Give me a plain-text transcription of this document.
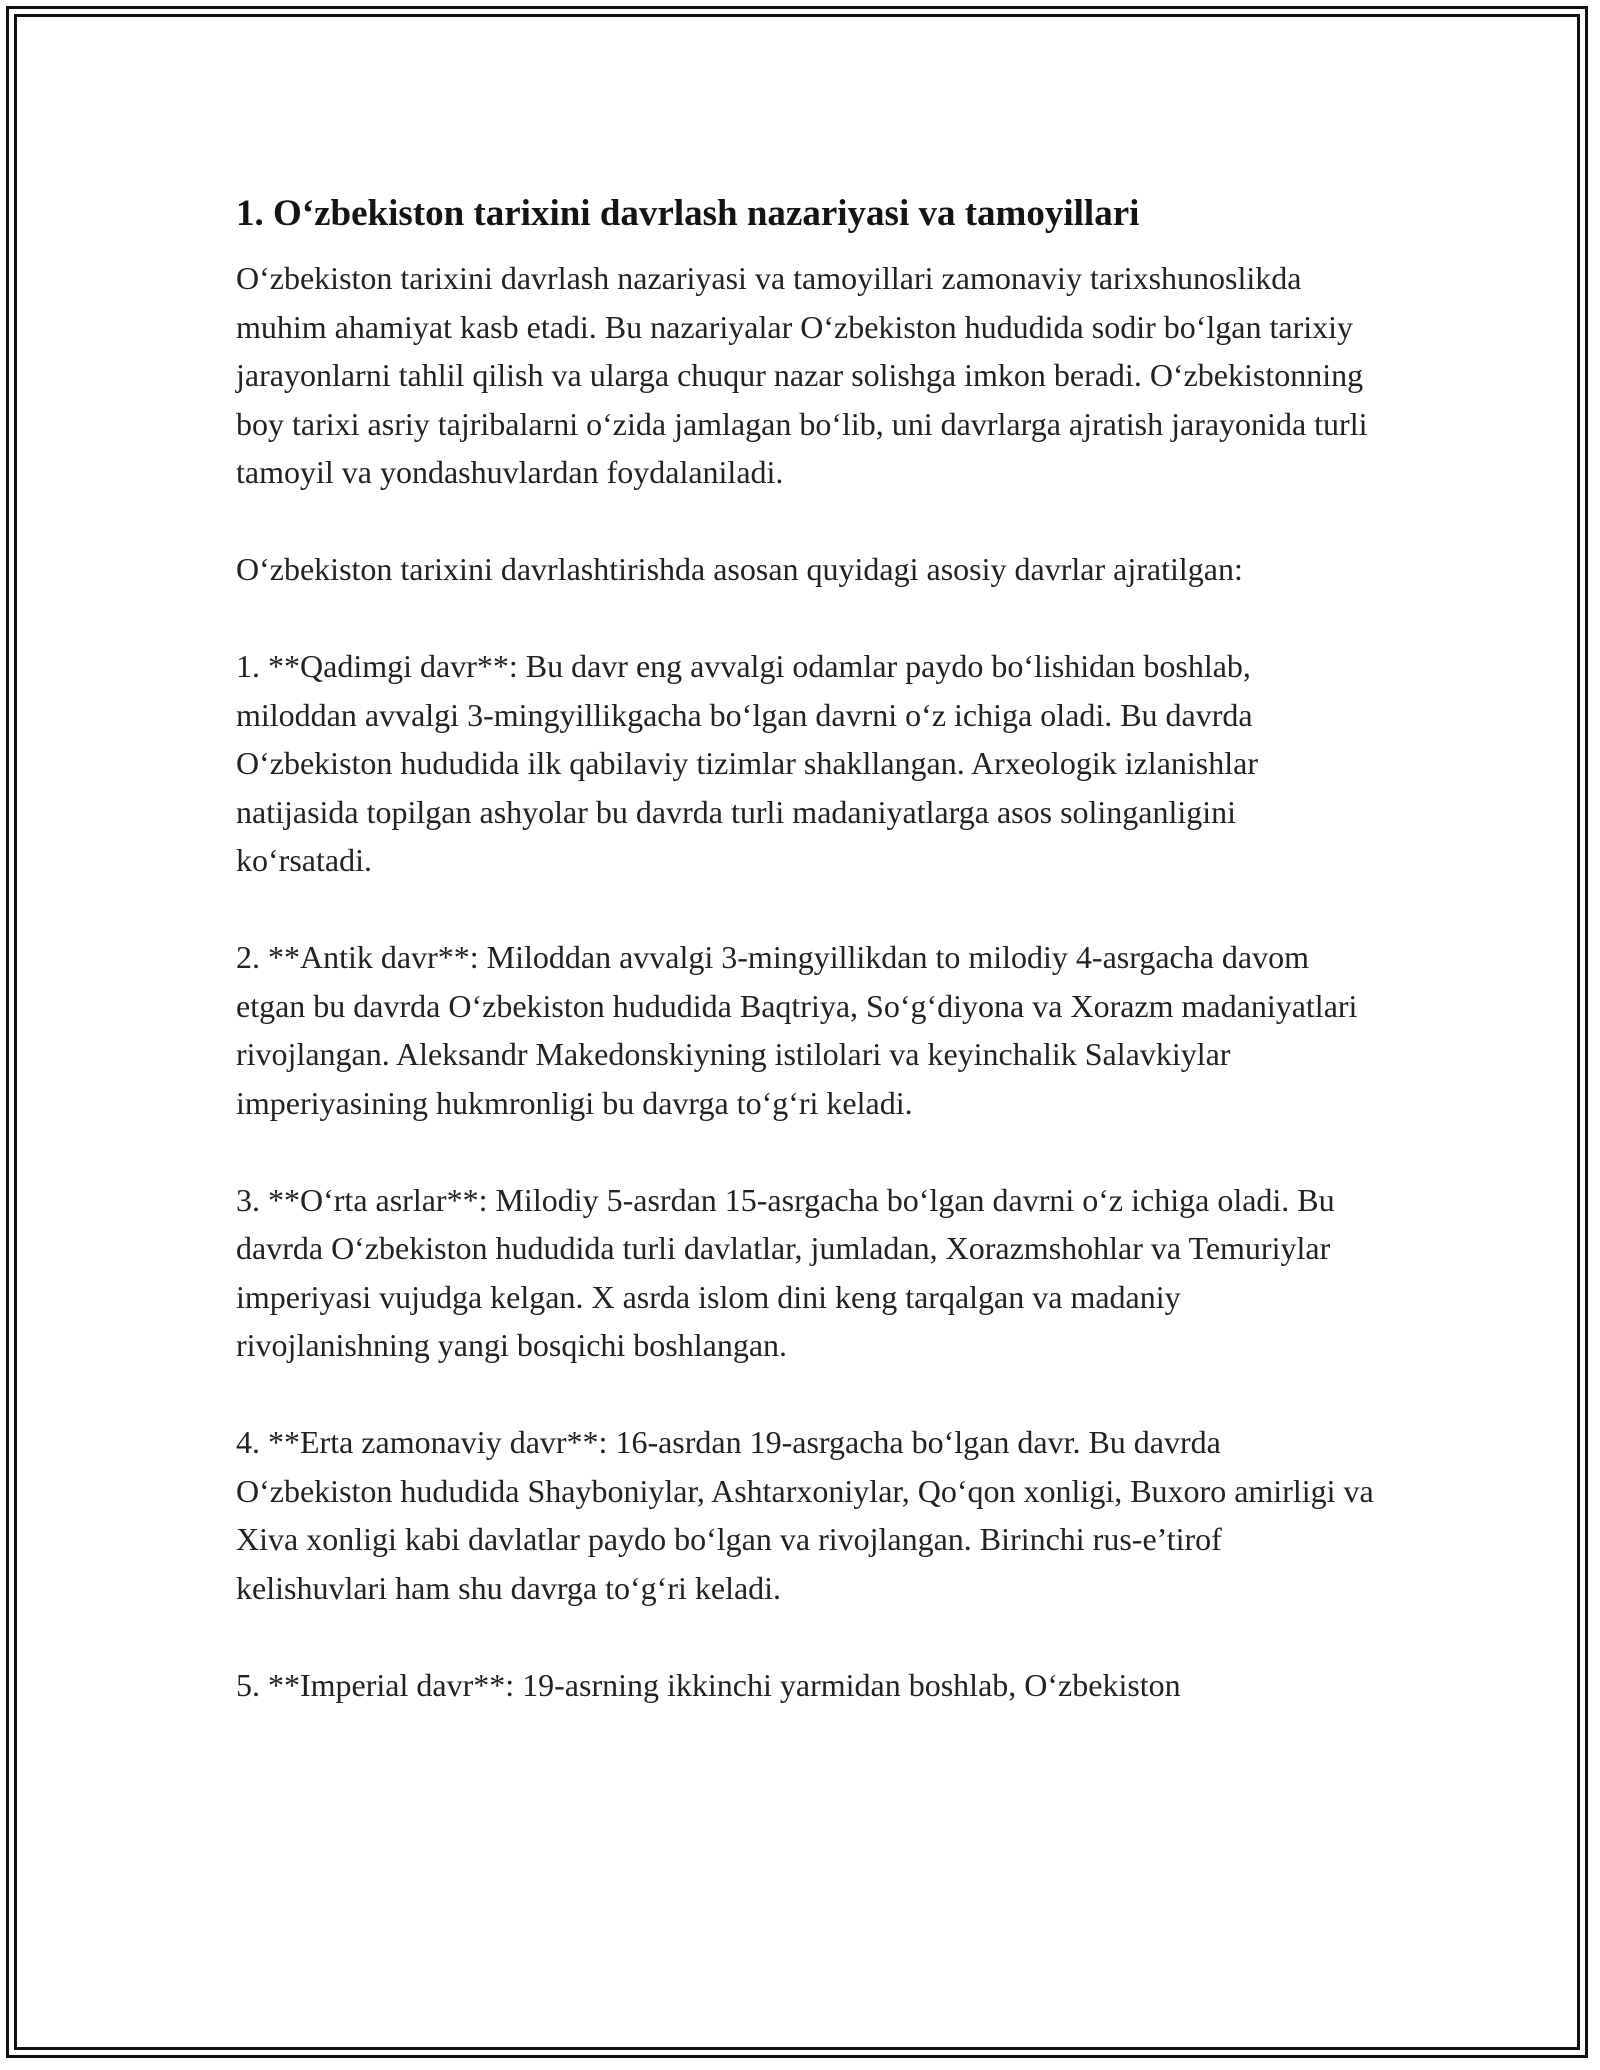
1. O‘zbekiston tarixini davrlash nazariyasi va tamoyillari

O‘zbekiston tarixini davrlash nazariyasi va tamoyillari zamonaviy tarixshunoslikda muhim ahamiyat kasb etadi. Bu nazariyalar O‘zbekiston hududida sodir bo‘lgan tarixiy jarayonlarni tahlil qilish va ularga chuqur nazar solishga imkon beradi. O‘zbekistonning boy tarixi asriy tajribalarni o‘zida jamlagan bo‘lib, uni davrlarga ajratish jarayonida turli tamoyil va yondashuvlardan foydalaniladi.

O‘zbekiston tarixini davrlashtirishda asosan quyidagi asosiy davrlar ajratilgan:

1. **Qadimgi davr**: Bu davr eng avvalgi odamlar paydo bo‘lishidan boshlab, miloddan avvalgi 3-mingyillikgacha bo‘lgan davrni o‘z ichiga oladi. Bu davrda O‘zbekiston hududida ilk qabilaviy tizimlar shakllangan. Arxeologik izlanishlar natijasida topilgan ashyolar bu davrda turli madaniyatlarga asos solinganligini ko‘rsatadi.

2. **Antik davr**: Miloddan avvalgi 3-mingyillikdan to milodiy 4-asrgacha davom etgan bu davrda O‘zbekiston hududida Baqtriya, So‘g‘diyona va Xorazm madaniyatlari rivojlangan. Aleksandr Makedonskiyning istilolari va keyinchalik Salavkiylar imperiyasining hukmronligi bu davrga to‘g‘ri keladi.

3. **O‘rta asrlar**: Milodiy 5-asrdan 15-asrgacha bo‘lgan davrni o‘z ichiga oladi. Bu davrda O‘zbekiston hududida turli davlatlar, jumladan, Xorazmshohlar va Temuriylar imperiyasi vujudga kelgan. X asrda islom dini keng tarqalgan va madaniy rivojlanishning yangi bosqichi boshlangan.

4. **Erta zamonaviy davr**: 16-asrdan 19-asrgacha bo‘lgan davr. Bu davrda O‘zbekiston hududida Shayboniylar, Ashtarxoniylar, Qo‘qon xonligi, Buxoro amirligi va Xiva xonligi kabi davlatlar paydo bo‘lgan va rivojlangan. Birinchi rus-e’tirof kelishuvlari ham shu davrga to‘g‘ri keladi.

5. **Imperial davr**: 19-asrning ikkinchi yarmidan boshlab, O‘zbekiston
